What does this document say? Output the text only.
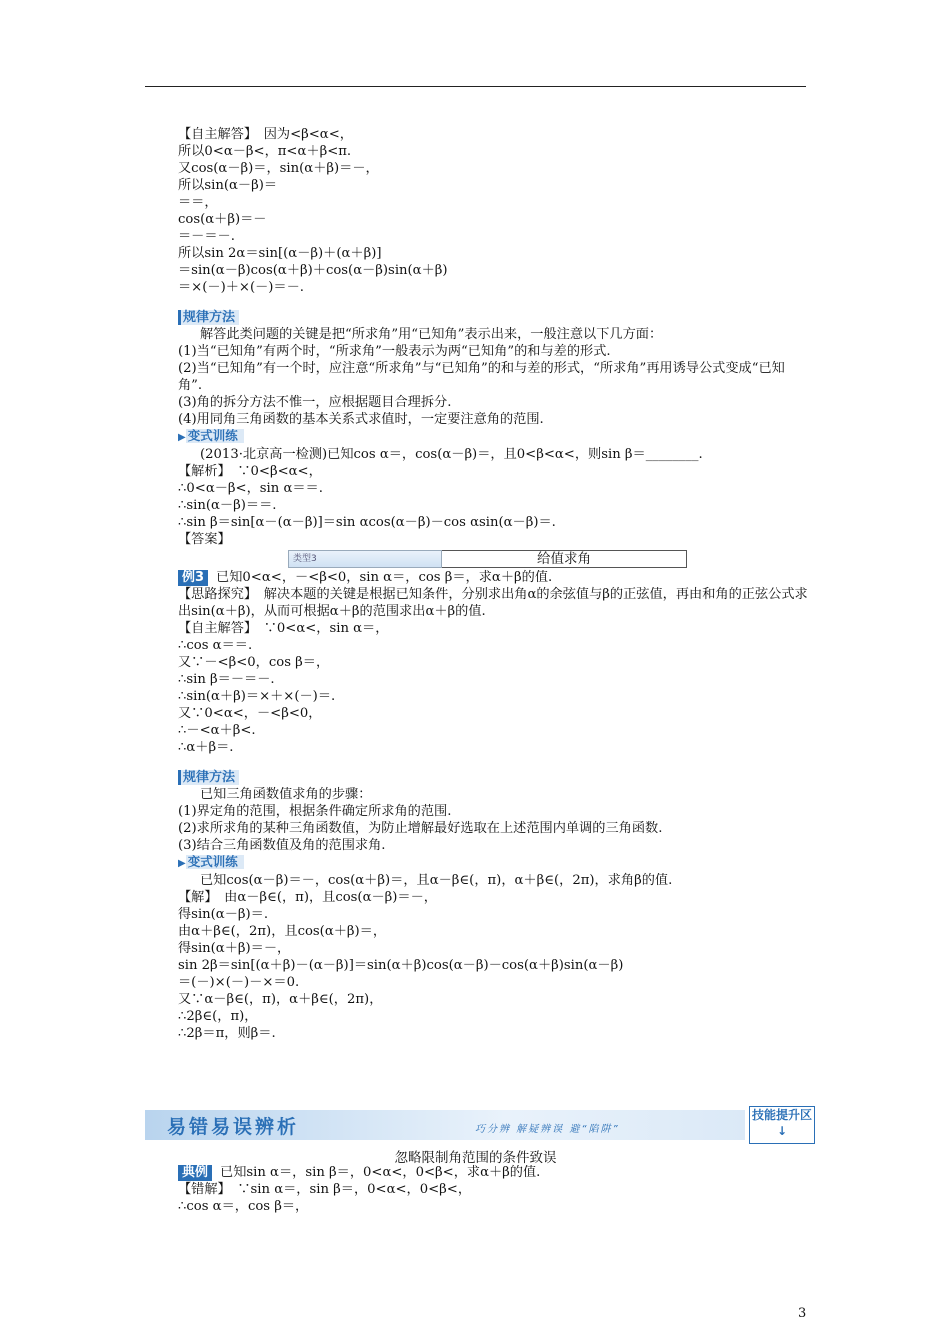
【自主解答】　因为<β<α<，
所以0<α－β<，π<α＋β<π.
又cos(α－β)＝，sin(α＋β)＝－，
所以sin(α－β)＝
＝＝，
cos(α＋β)＝－
＝－＝－.
所以sin 2α＝sin[(α－β)＋(α＋β)]
＝sin(α－β)cos(α＋β)＋cos(α－β)sin(α＋β)
＝×(－)＋×(－)＝－.
规律方法
解答此类问题的关键是把“所求角”用“已知角”表示出来，一般注意以下几方面：
(1)当“已知角”有两个时，“所求角”一般表示为两“已知角”的和与差的形式.
(2)当“已知角”有一个时，应注意“所求角”与“已知角”的和与差的形式，“所求角”再用诱导公式变成“已知角”.
(3)角的拆分方法不惟一，应根据题目合理拆分.
(4)用同角三角函数的基本关系式求值时，一定要注意角的范围.
▶ 变式训练
(2013·北京高一检测)已知cos α＝，cos(α－β)＝，且0<β<α<，则sin β＝________.
【解析】　∵0<β<α<，
∴0<α－β<，sin α＝＝.
∴sin(α－β)＝＝.
∴sin β＝sin[α－(α－β)]＝sin αcos(α－β)－cos αsin(α－β)＝.
【答案】
类型3	给值求角
例3 已知0<α<，－<β<0，sin α＝，cos β＝，求α＋β的值.
【思路探究】　解决本题的关键是根据已知条件，分别求出角α的余弦值与β的正弦值，再由和角的正弦公式求出sin(α＋β)，从而可根据α＋β的范围求出α＋β的值.
【自主解答】　∵0<α<，sin α＝，
∴cos α＝＝.
又∵－<β<0，cos β＝，
∴sin β＝－＝－.
∴sin(α＋β)＝×＋×(－)＝.
又∵0<α<，－<β<0，
∴－<α＋β<.
∴α＋β＝.
规律方法
已知三角函数值求角的步骤：
(1)界定角的范围，根据条件确定所求角的范围.
(2)求所求角的某种三角函数值，为防止增解最好选取在上述范围内单调的三角函数.
(3)结合三角函数值及角的范围求角.
▶ 变式训练
已知cos(α－β)＝－，cos(α＋β)＝，且α－β∈(，π)，α＋β∈(，2π)，求角β的值.
【解】　由α－β∈(，π)，且cos(α－β)＝－，
得sin(α－β)＝.
由α＋β∈(，2π)，且cos(α＋β)＝，
得sin(α＋β)＝－，
sin 2β＝sin[(α＋β)－(α－β)]＝sin(α＋β)cos(α－β)－cos(α＋β)sin(α－β)
＝(－)×(－)－×＝0.
又∵α－β∈(，π)，α＋β∈(，2π)，
∴2β∈(，π)，
∴2β＝π，则β＝.
易错易误辨析	巧分辨 解疑辨误 避“陷阱”
技能提升区↓
忽略限制角范围的条件致误
典例 已知sin α＝，sin β＝，0<α<，0<β<，求α＋β的值.
【错解】　∵sin α＝，sin β＝，0<α<，0<β<，
∴cos α＝，cos β＝，
3
